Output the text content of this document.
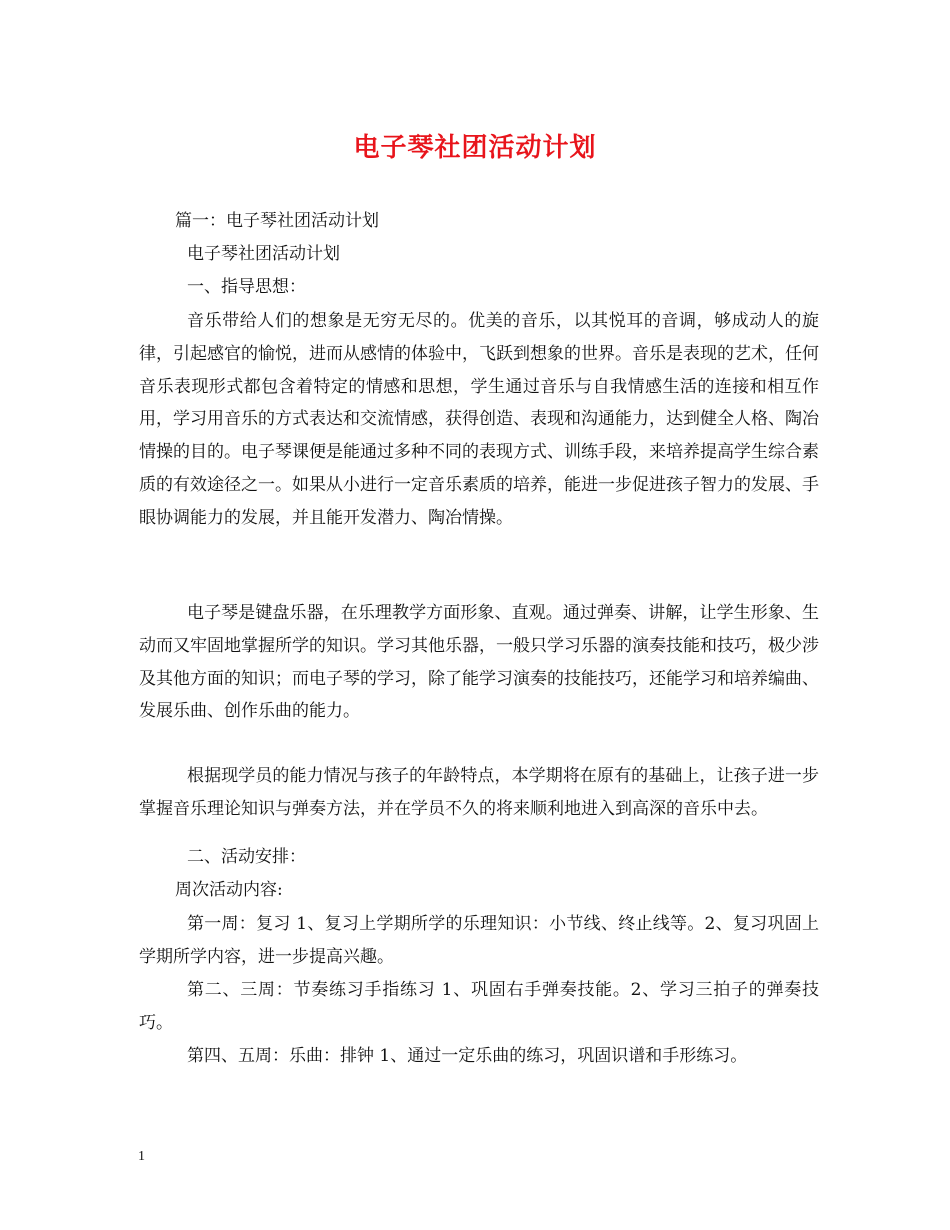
电子琴社团活动计划
篇一：电子琴社团活动计划
电子琴社团活动计划
一、指导思想：

音乐带给人们的想象是无穷无尽的。优美的音乐，以其悦耳的音调，够成动人的旋律，引起感官的愉悦，进而从感情的体验中，飞跃到想象的世界。音乐是表现的艺术，任何音乐表现形式都包含着特定的情感和思想，学生通过音乐与自我情感生活的连接和相互作用，学习用音乐的方式表达和交流情感，获得创造、表现和沟通能力，达到健全人格、陶冶情操的目的。电子琴课便是能通过多种不同的表现方式、训练手段，来培养提高学生综合素质的有效途径之一。如果从小进行一定音乐素质的培养，能进一步促进孩子智力的发展、手眼协调能力的发展，并且能开发潜力、陶冶情操。

电子琴是键盘乐器，在乐理教学方面形象、直观。通过弹奏、讲解，让学生形象、生动而又牢固地掌握所学的知识。学习其他乐器，一般只学习乐器的演奏技能和技巧，极少涉及其他方面的知识；而电子琴的学习，除了能学习演奏的技能技巧，还能学习和培养编曲、发展乐曲、创作乐曲的能力。

根据现学员的能力情况与孩子的年龄特点，本学期将在原有的基础上，让孩子进一步掌握音乐理论知识与弹奏方法，并在学员不久的将来顺利地进入到高深的音乐中去。

二、活动安排：
周次活动内容:

第一周：复习 1、复习上学期所学的乐理知识：小节线、终止线等。2、复习巩固上学期所学内容，进一步提高兴趣。

第二、三周：节奏练习手指练习 1、巩固右手弹奏技能。2、学习三拍子的弹奏技巧。

第四、五周：乐曲：排钟 1、通过一定乐曲的练习，巩固识谱和手形练习。

1
